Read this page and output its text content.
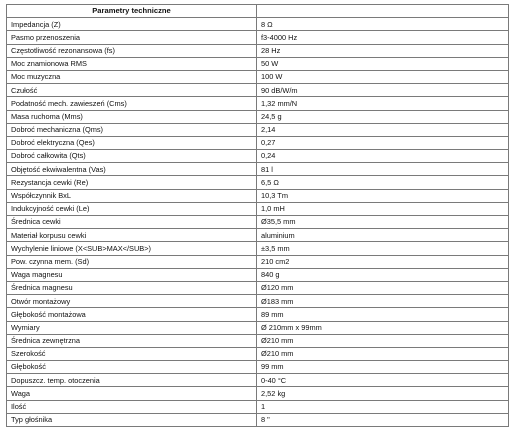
Parametry techniczne	
Impedancja (Z)	8 Ω
Pasmo przenoszenia	f3-4000 Hz
Częstotliwość rezonansowa (fs)	28 Hz
Moc znamionowa RMS	50 W
Moc muzyczna	100 W
Czułość	90 dB/W/m
Podatność mech. zawieszeń (Cms)	1,32 mm/N
Masa ruchoma (Mms)	24,5 g
Dobroć mechaniczna (Qms)	2,14
Dobroć elektryczna (Qes)	0,27
Dobroć całkowita (Qts)	0,24
Objętość ekwiwalentna (Vas)	81 l
Rezystancja cewki (Re)	6,5 Ω
Współczynnik BxL	10,3 Tm
Indukcyjność cewki (Le)	1,0 mH
Średnica cewki	Ø35,5 mm
Materiał korpusu cewki	aluminium
Wychylenie liniowe (X<SUB>MAX</SUB>)	±3,5 mm
Pow. czynna mem. (Sd)	210 cm2
Waga magnesu	840 g
Średnica magnesu	Ø120 mm
Otwór montażowy	Ø183 mm
Głębokość montażowa	89 mm
Wymiary	Ø 210mm x 99mm
Średnica zewnętrzna	Ø210 mm
Szerokość	Ø210 mm
Głębokość	99 mm
Dopuszcz. temp. otoczenia	0-40 °C
Waga	2,52 kg
Ilość	1
Typ głośnika	8 "
